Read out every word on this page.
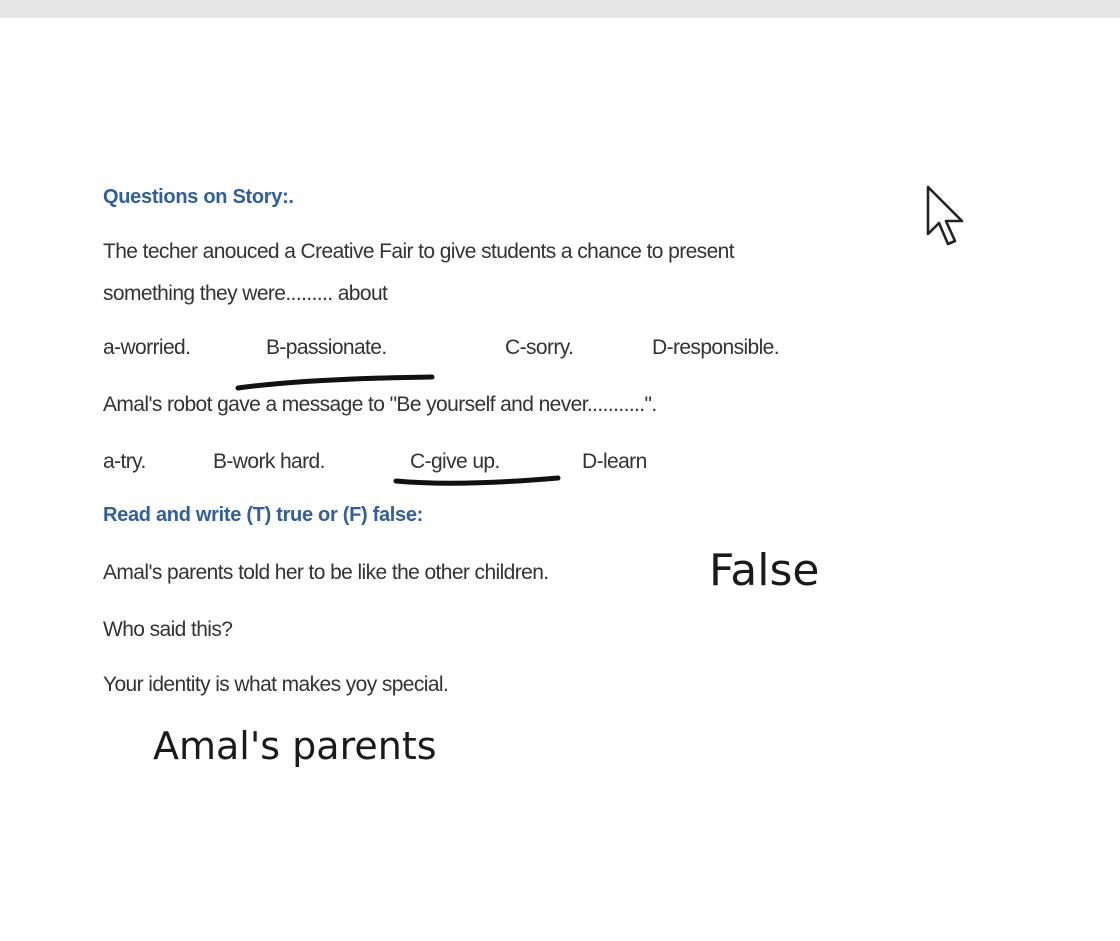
Questions on Story:.
The techer anouced a Creative Fair to give students a chance to present
something they were......... about
a-worried.	B-passionate.	C-sorry.	D-responsible.
Amal's robot gave a message to "Be yourself and never...........".
a-try.	B-work hard.	C-give up.	D-learn
Read and write (T) true or (F) false:
Amal's parents told her to be like the other children.	False
Who said this?
Your identity is what makes yoy special.
Amal's parents
